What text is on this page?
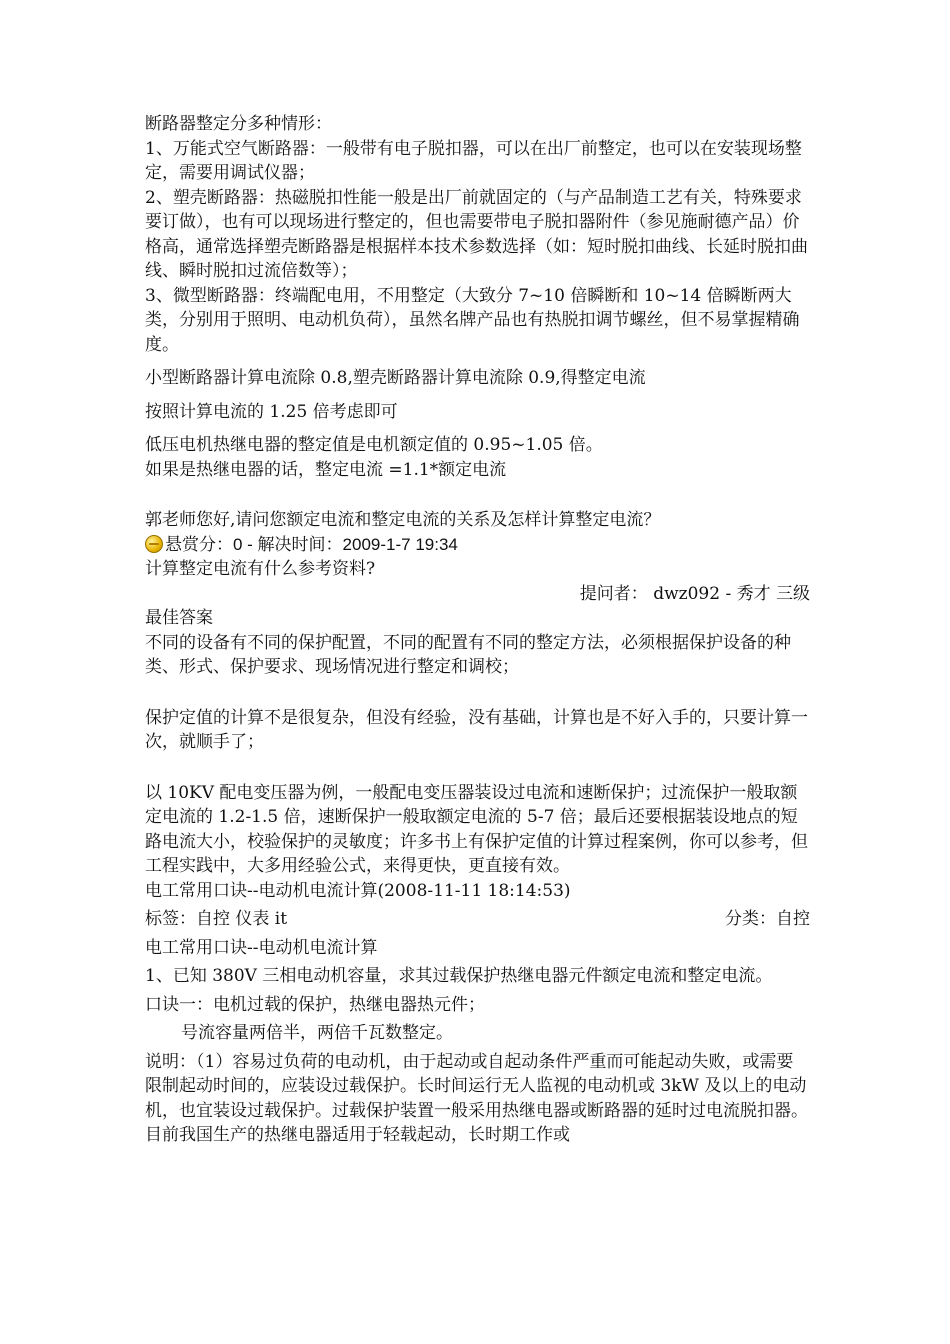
断路器整定分多种情形：

1、万能式空气断路器：一般带有电子脱扣器，可以在出厂前整定，也可以在安装现场整定，需要用调试仪器；

2、塑壳断路器：热磁脱扣性能一般是出厂前就固定的（与产品制造工艺有关，特殊要求要订做），也有可以现场进行整定的，但也需要带电子脱扣器附件（参见施耐德产品）价格高，通常选择塑壳断路器是根据样本技术参数选择（如：短时脱扣曲线、长延时脱扣曲线、瞬时脱扣过流倍数等）；

3、微型断路器：终端配电用，不用整定（大致分 7~10 倍瞬断和 10~14 倍瞬断两大类，分别用于照明、电动机负荷），虽然名牌产品也有热脱扣调节螺丝，但不易掌握精确度。

小型断路器计算电流除 0.8,塑壳断路器计算电流除 0.9,得整定电流

按照计算电流的 1.25 倍考虑即可

低压电机热继电器的整定值是电机额定值的 0.95~1.05 倍。

如果是热继电器的话，整定电流 =1.1*额定电流

郭老师您好,请问您额定电流和整定电流的关系及怎样计算整定电流？

悬赏分：0 - 解决时间：2009-1-7 19:34

计算整定电流有什么参考资料?

提问者： dwz092 - 秀才 三级

最佳答案

不同的设备有不同的保护配置，不同的配置有不同的整定方法，必须根据保护设备的种类、形式、保护要求、现场情况进行整定和调校；

保护定值的计算不是很复杂，但没有经验，没有基础，计算也是不好入手的，只要计算一次，就顺手了；

以 10KV 配电变压器为例，一般配电变压器装设过电流和速断保护；过流保护一般取额定电流的 1.2-1.5 倍，速断保护一般取额定电流的 5-7 倍；最后还要根据装设地点的短路电流大小，校验保护的灵敏度；许多书上有保护定值的计算过程案例，你可以参考，但工程实践中，大多用经验公式，来得更快，更直接有效。

电工常用口诀--电动机电流计算(2008-11-11 18:14:53)

标签：自控 仪表 it	分类：自控

电工常用口诀--电动机电流计算

1、已知 380V 三相电动机容量，求其过载保护热继电器元件额定电流和整定电流。

口诀一：电机过载的保护，热继电器热元件；

号流容量两倍半，两倍千瓦数整定。

说明：（1）容易过负荷的电动机，由于起动或自起动条件严重而可能起动失败，或需要限制起动时间的，应装设过载保护。长时间运行无人监视的电动机或 3kW 及以上的电动机，也宜装设过载保护。过载保护装置一般采用热继电器或断路器的延时过电流脱扣器。目前我国生产的热继电器适用于轻载起动，长时期工作或
